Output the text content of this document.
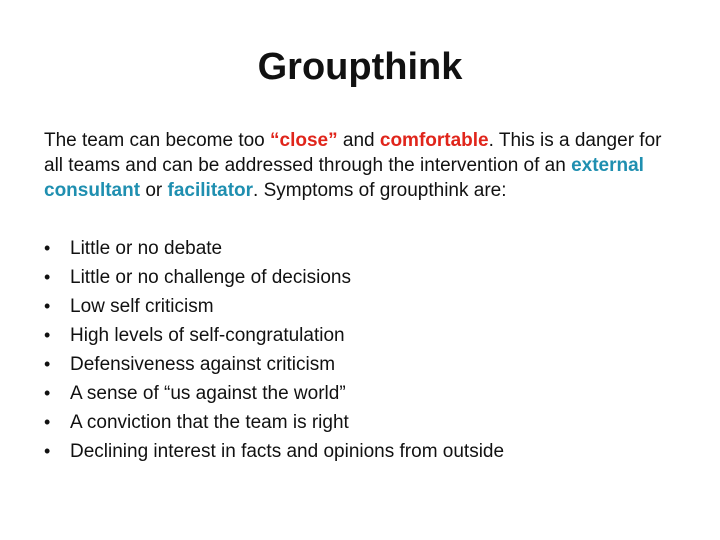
Groupthink

The team can become too “close” and comfortable. This is a danger for all teams and can be addressed through the intervention of an external consultant or facilitator. Symptoms of groupthink are:

• Little or no debate
• Little or no challenge of decisions
• Low self criticism
• High levels of self-congratulation
• Defensiveness against criticism
• A sense of “us against the world”
• A conviction that the team is right
• Declining interest in facts and opinions from outside
